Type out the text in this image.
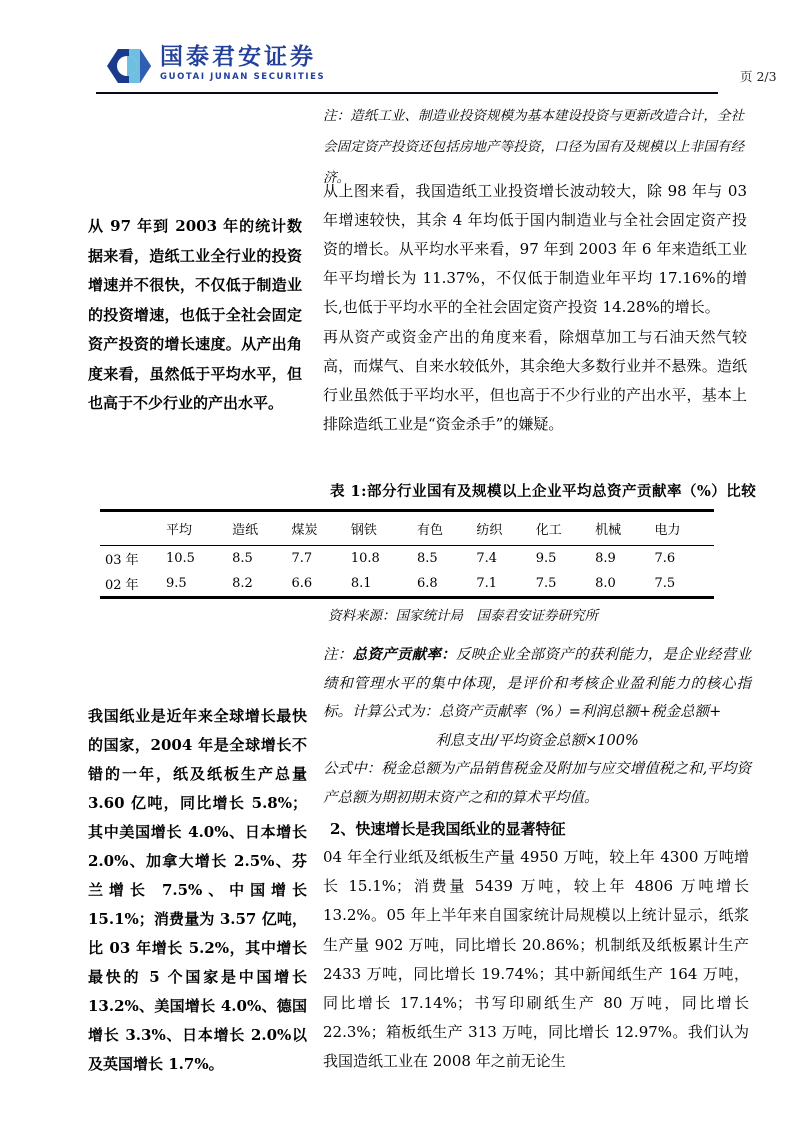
国泰君安证券
GUOTAI JUNAN SECURITIES	页 2/3
从 97 年到 2003 年的统计数据来看，造纸工业全行业的投资增速并不很快，不仅低于制造业的投资增速，也低于全社会固定资产投资的增长速度。从产出角度来看，虽然低于平均水平，但也高于不少行业的产出水平。
我国纸业是近年来全球增长最快的国家，2004 年是全球增长不错的一年，纸及纸板生产总量 3.60 亿吨，同比增长 5.8%；其中美国增长 4.0%、日本增长 2.0%、加拿大增长 2.5%、芬兰增长 7.5%、中国增长 15.1%；消费量为 3.57 亿吨，比 03 年增长 5.2%，其中增长最快的 5 个国家是中国增长 13.2%、美国增长 4.0%、德国增长 3.3%、日本增长 2.0%以及英国增长 1.7%。
注：造纸工业、制造业投资规模为基本建设投资与更新改造合计，全社会固定资产投资还包括房地产等投资，口径为国有及规模以上非国有经济。
从上图来看，我国造纸工业投资增长波动较大，除 98 年与 03 年增速较快，其余 4 年均低于国内制造业与全社会固定资产投资的增长。从平均水平来看，97 年到 2003 年 6 年来造纸工业年平均增长为 11.37%，不仅低于制造业年平均 17.16%的增长,也低于平均水平的全社会固定资产投资 14.28%的增长。
再从资产或资金产出的角度来看，除烟草加工与石油天然气较高，而煤气、自来水较低外，其余绝大多数行业并不悬殊。造纸行业虽然低于平均水平，但也高于不少行业的产出水平，基本上排除造纸工业是“资金杀手”的嫌疑。
表 1:部分行业国有及规模以上企业平均总资产贡献率（%）比较
	平均	造纸	煤炭	钢铁	有色	纺织	化工	机械	电力
03 年	10.5	8.5	7.7	10.8	8.5	7.4	9.5	8.9	7.6
02 年	9.5	8.2	6.6	8.1	6.8	7.1	7.5	8.0	7.5
资料来源：国家统计局　国泰君安证券研究所
注：总资产贡献率：反映企业全部资产的获利能力，是企业经营业绩和管理水平的集中体现，是评价和考核企业盈利能力的核心指标。计算公式为：总资产贡献率（%）=利润总额+税金总额+
利息支出/平均资金总额×100%
公式中：税金总额为产品销售税金及附加与应交增值税之和,平均资产总额为期初期末资产之和的算术平均值。
2、快速增长是我国纸业的显著特征
04 年全行业纸及纸板生产量 4950 万吨，较上年 4300 万吨增长 15.1%；消费量 5439 万吨，较上年 4806 万吨增长 13.2%。05 年上半年来自国家统计局规模以上统计显示，纸浆生产量 902 万吨，同比增长 20.86%；机制纸及纸板累计生产 2433 万吨，同比增长 19.74%；其中新闻纸生产 164 万吨，同比增长 17.14%；书写印刷纸生产 80 万吨，同比增长 22.3%；箱板纸生产 313 万吨，同比增长 12.97%。我们认为我国造纸工业在 2008 年之前无论生
